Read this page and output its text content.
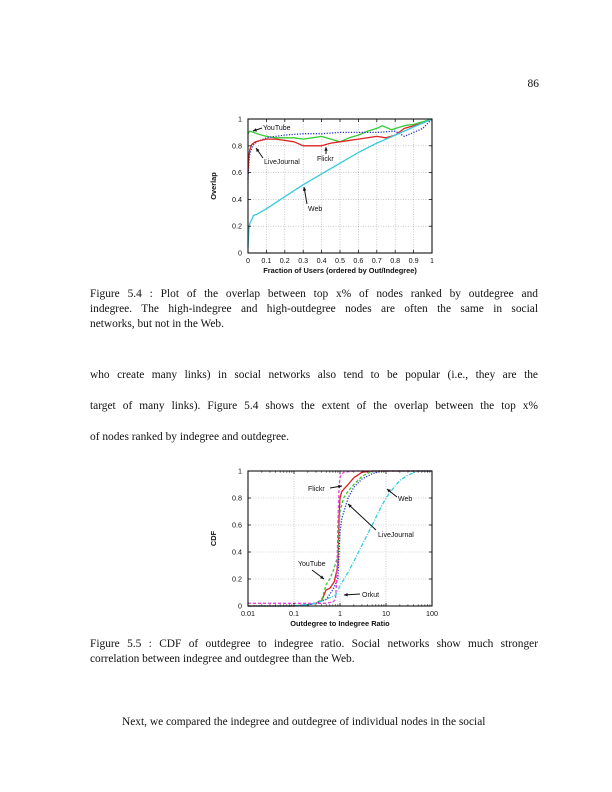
86
0 0.1 0.2 0.3 0.4 0.5 0.6 0.7 0.8 0.9 1
0
0.2
0.4
0.6
0.8
1
Fraction of Users (ordered by Out/Indegree)
Overlap
YouTube
LiveJournal Flickr
Web
Figure 5.4 : Plot of the overlap between top x% of nodes ranked by outdegree and
indegree. The high-indegree and high-outdegree nodes are often the same in social
networks, but not in the Web.
who create many links) in social networks also tend to be popular (i.e., they are the
target of many links). Figure 5.4 shows the extent of the overlap between the top x%
of nodes ranked by indegree and outdegree.
0.01	0.1	1	10	100
0
0.2
0.4
0.6
0.8
1
Outdegree to Indegree Ratio
CDF
Flickr
Web
LiveJournal
YouTube
Orkut
Figure 5.5 : CDF of outdegree to indegree ratio. Social networks show much stronger
correlation between indegree and outdegree than the Web.
Next, we compared the indegree and outdegree of individual nodes in the social
